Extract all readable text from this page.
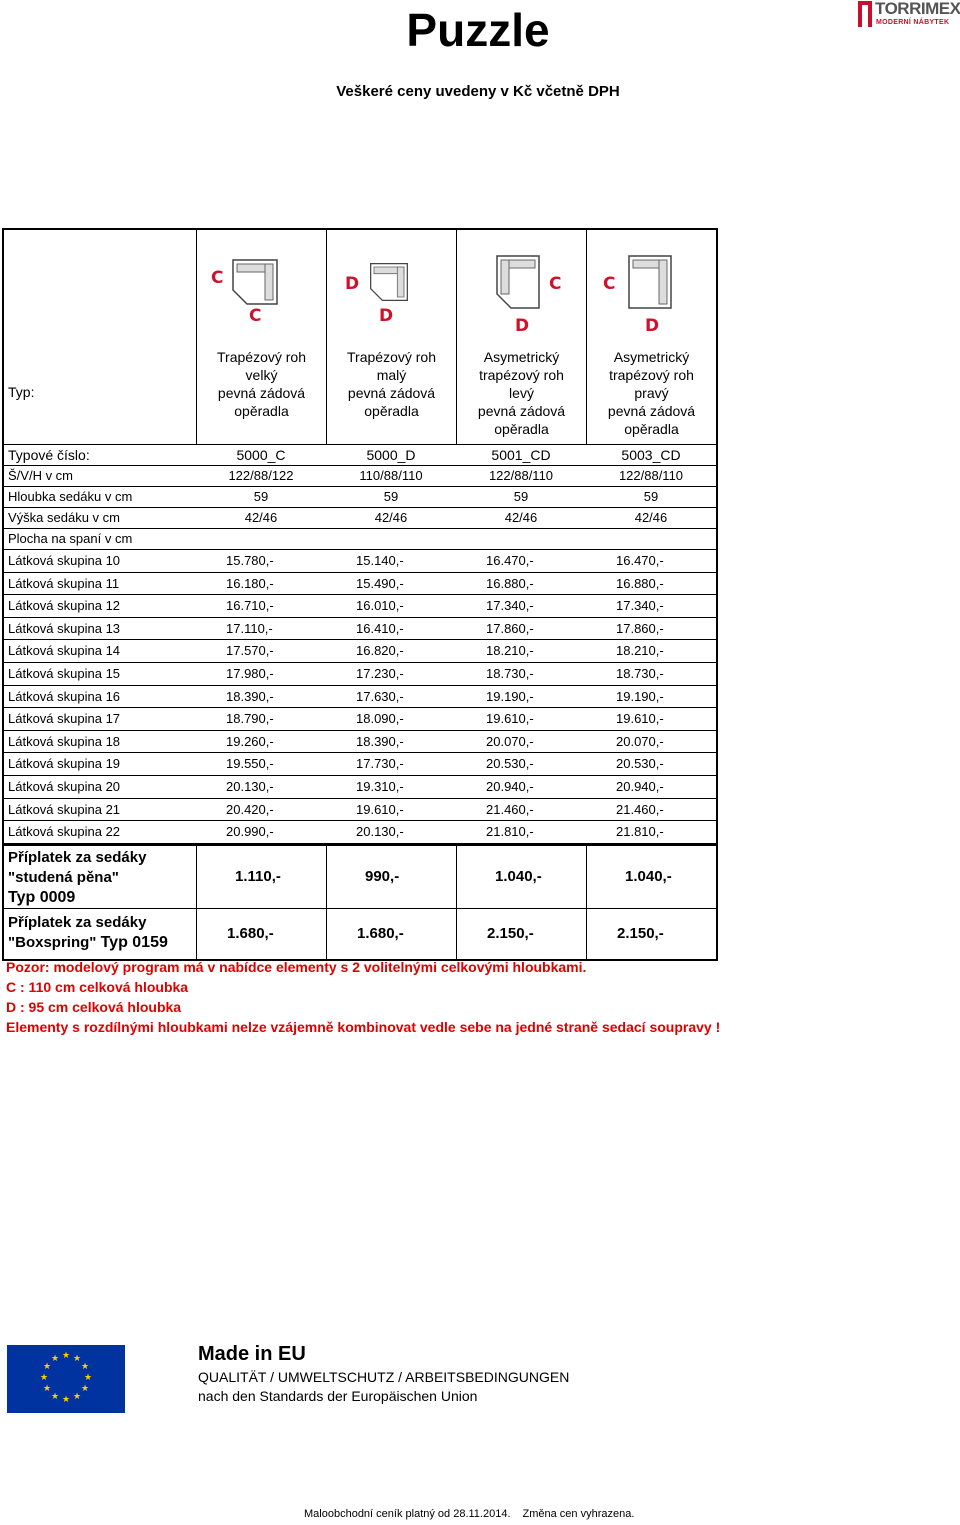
Puzzle
Veškeré ceny uvedeny v Kč včetně DPH
TORRIMEX
MODERNÍ NÁBYTEK
C
C
D
D
C
D
C
D
Typ:
Trapézový roh
velký
pevná zádová
opěradla
Trapézový roh
malý
pevná zádová
opěradla
Asymetrický
trapézový roh
levý
pevná zádová
opěradla
Asymetrický
trapézový roh
pravý
pevná zádová
opěradla
Typové číslo:	5000_C	5000_D	5001_CD	5003_CD
Š/V/H v cm	122/88/122	110/88/110	122/88/110	122/88/110
Hloubka sedáku v cm	59	59	59	59
Výška sedáku v cm	42/46	42/46	42/46	42/46
Plocha na spaní v cm
Látková skupina 10	15.780,-	15.140,-	16.470,-	16.470,-
Látková skupina 11	16.180,-	15.490,-	16.880,-	16.880,-
Látková skupina 12	16.710,-	16.010,-	17.340,-	17.340,-
Látková skupina 13	17.110,-	16.410,-	17.860,-	17.860,-
Látková skupina 14	17.570,-	16.820,-	18.210,-	18.210,-
Látková skupina 15	17.980,-	17.230,-	18.730,-	18.730,-
Látková skupina 16	18.390,-	17.630,-	19.190,-	19.190,-
Látková skupina 17	18.790,-	18.090,-	19.610,-	19.610,-
Látková skupina 18	19.260,-	18.390,-	20.070,-	20.070,-
Látková skupina 19	19.550,-	17.730,-	20.530,-	20.530,-
Látková skupina 20	20.130,-	19.310,-	20.940,-	20.940,-
Látková skupina 21	20.420,-	19.610,-	21.460,-	21.460,-
Látková skupina 22	20.990,-	20.130,-	21.810,-	21.810,-
Příplatek za sedáky
"studená pěna"
Typ 0009
1.110,-	990,-	1.040,-	1.040,-
Příplatek za sedáky
"Boxspring" Typ 0159	1.680,-	1.680,-	2.150,-	2.150,-
Pozor: modelový program má v nabídce elementy s 2 volitelnými celkovými hloubkami.
C : 110 cm celková hloubka
D : 95 cm celková hloubka
Elementy s rozdílnými hloubkami nelze vzájemně kombinovat vedle sebe na jedné straně sedací soupravy !
★ ★
★
★
★
★
★
★
★
★
★
★	Made in EU
QUALITÄT / UMWELTSCHUTZ / ARBEITSBEDINGUNGEN
nach den Standards der Europäischen Union
Maloobchodní ceník platný od 28.11.2014. Změna cen vyhrazena.
